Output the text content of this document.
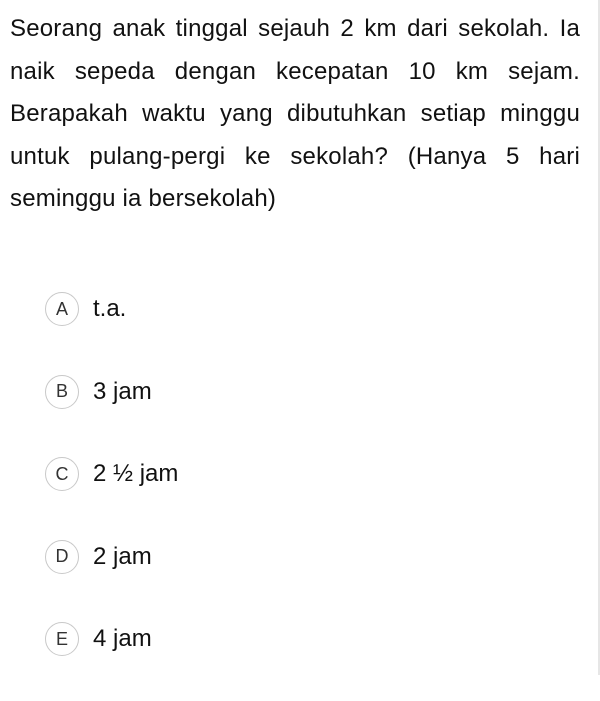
Seorang anak tinggal sejauh 2 km dari sekolah. Ia naik sepeda dengan kecepatan 10 km sejam. Berapakah waktu yang dibutuhkan setiap minggu untuk pulang-pergi ke sekolah? (Hanya 5 hari seminggu ia bersekolah)
A	t.a.
B	3 jam
C	2 ½ jam
D	2 jam
E	4 jam
